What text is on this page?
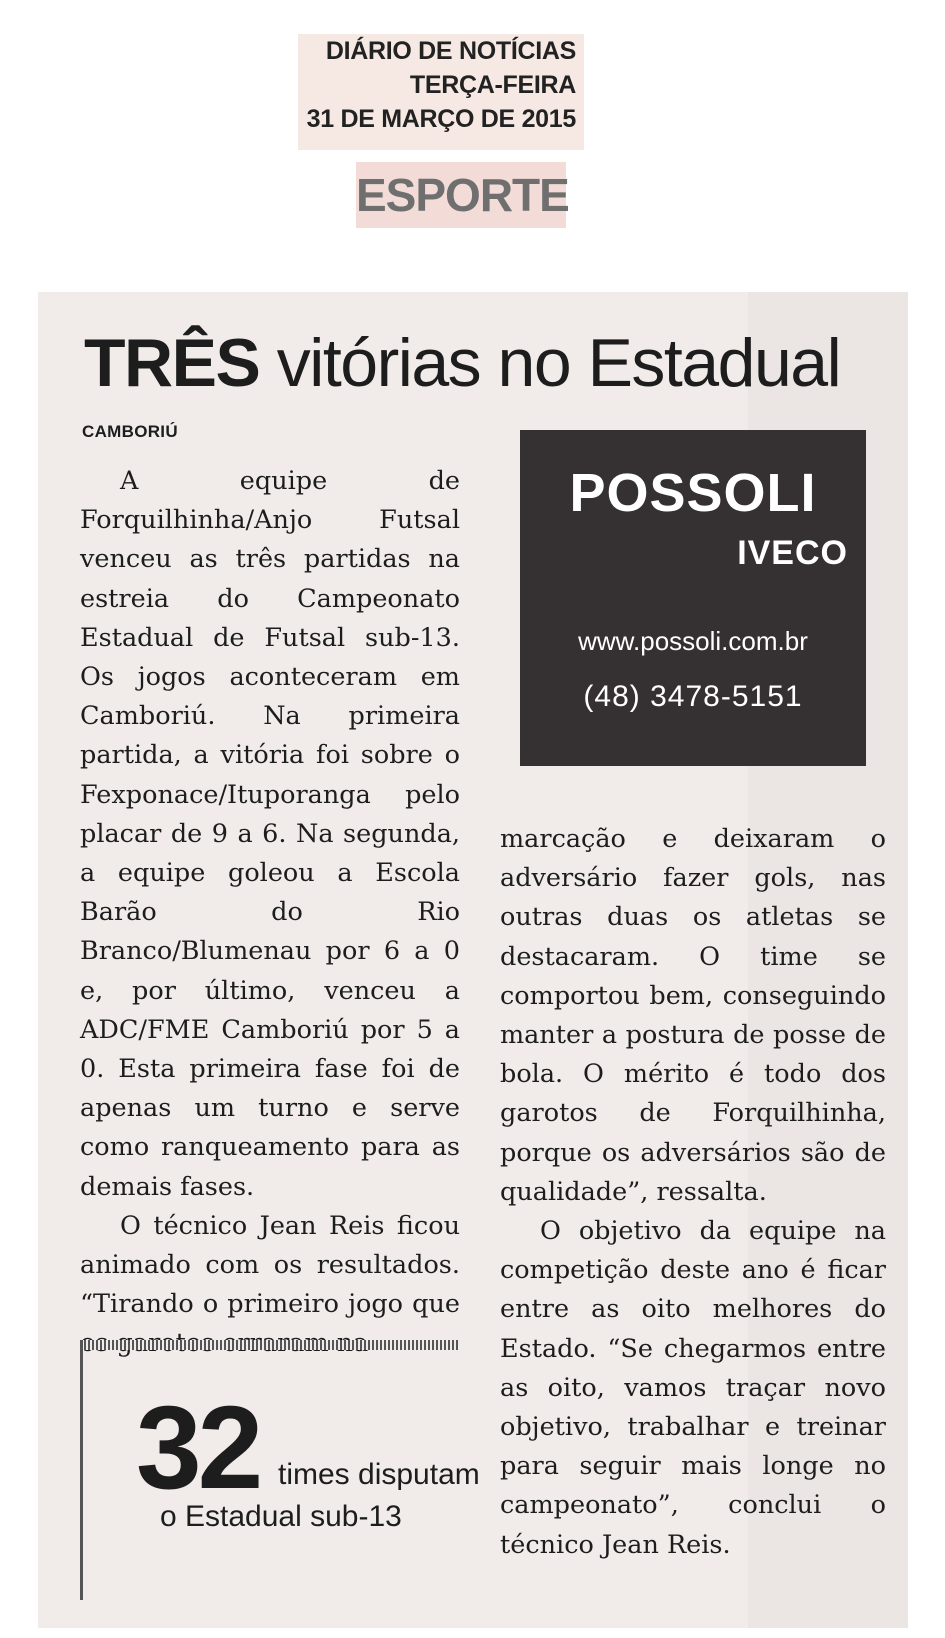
DIÁRIO DE NOTÍCIAS
TERÇA-FEIRA
31 DE MARÇO DE 2015
ESPORTE
TRÊS vitórias no Estadual
CAMBORIÚ

A equipe de Forquilhinha/Anjo Futsal venceu as três partidas na estreia do Campeonato Estadual de Futsal sub-13. Os jogos aconteceram em Camboriú. Na primeira partida, a vitória foi sobre o Fexponace/Ituporanga pelo placar de 9 a 6. Na segunda, a equipe goleou a Escola Barão do Rio Branco/Blumenau por 6 a 0 e, por último, venceu a ADC/FME Camboriú por 5 a 0. Esta primeira fase foi de apenas um turno e serve como ranqueamento para as demais fases.

O técnico Jean Reis ficou animado com os resultados. “Tirando o primeiro jogo que

POSSOLI
IVECO
www.possoli.com.br
(48) 3478-5151

marcação e deixaram o adversário fazer gols, nas outras duas os atletas se destacaram. O time se comportou bem, conseguindo manter a postura de posse de bola. O mérito é todo dos garotos de Forquilhinha, porque os adversários são de qualidade”, ressalta.

O objetivo da equipe na competição deste ano é ficar entre as oito melhores do Estado. “Se chegarmos entre as oito, vamos traçar novo objetivo, trabalhar e treinar para seguir mais longe no campeonato”, conclui o técnico Jean Reis.

32 times disputam
o Estadual sub-13
